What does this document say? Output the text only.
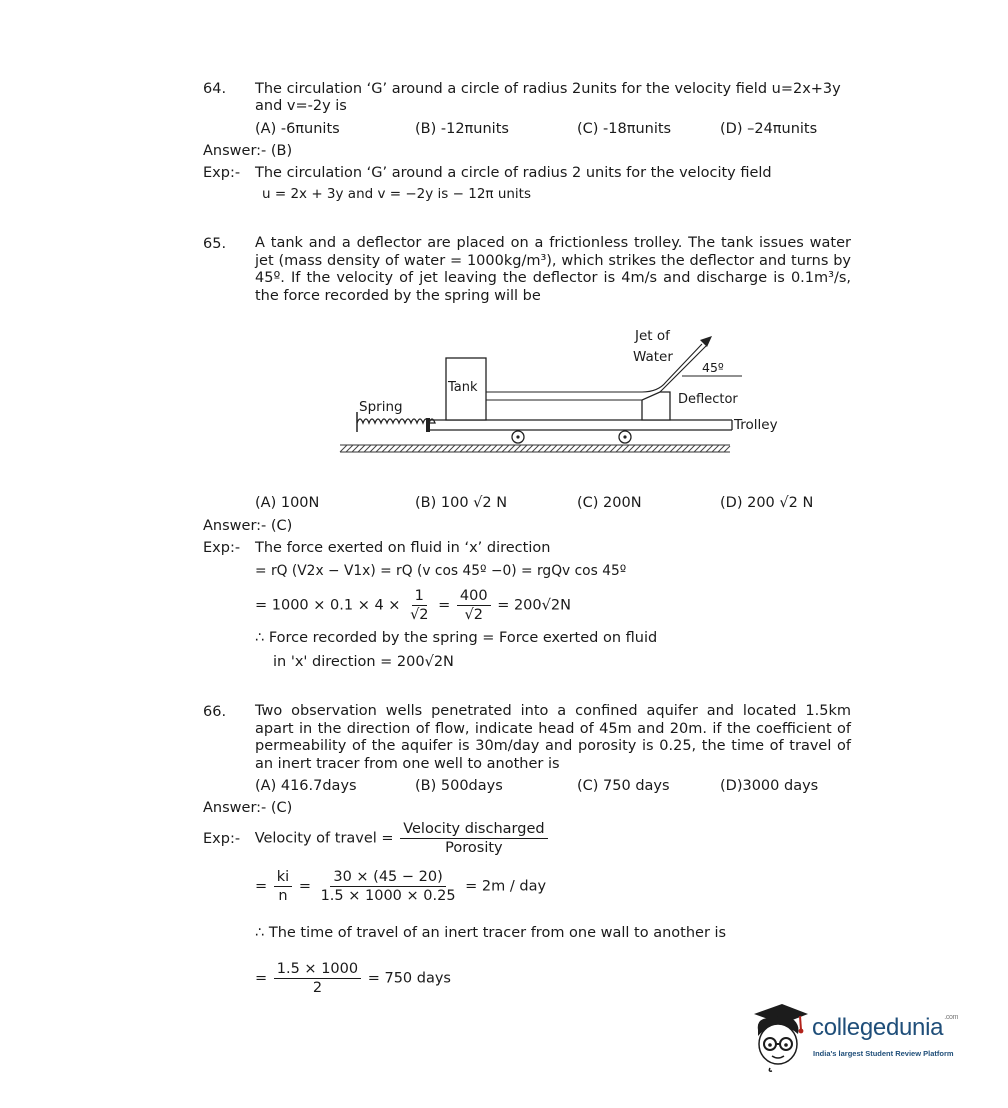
64. The circulation ‘G’ around a circle of radius 2units for the velocity field u=2x+3y
and v=-2y is
(A) -6πunits	(B) -12πunits	(C) -18πunits	(D) –24πunits
Answer:- (B)
Exp:- The circulation ‘G’ around a circle of radius 2 units for the velocity field
u = 2x + 3y and v = −2y is − 12π units
65. A tank and a deflector are placed on a frictionless trolley. The tank issues water jet (mass density of water = 1000kg/m³), which strikes the deflector and turns by 45º. If the velocity of jet leaving the deflector is 4m/s and discharge is 0.1m³/s, the force recorded by the spring will be
Jet of
Water
45º
Tank
Deflector
Spring
Trolley
(A) 100N	(B) 100 √2 N	(C) 200N	(D) 200 √2 N
Answer:- (C)
Exp:- The force exerted on fluid in ‘x’ direction
= rQ (V2x − V1x) = rQ (v cos 45º −0) = rgQv cos 45º
= $1000 \times 0.1 \times 4 \times \frac{1}{√2} = \frac{400}{√2} = 200√2N$
∴ Force recorded by the spring = Force exerted on fluid
in 'x' direction = 200√2N
66. Two observation wells penetrated into a confined aquifer and located 1.5km apart in the direction of flow, indicate head of 45m and 20m. if the coefficient of permeability of the aquifer is 30m/day and porosity is 0.25, the time of travel of an inert tracer from one well to another is
(A) 416.7days	(B) 500days	(C) 750 days	(D)3000 days
Answer:- (C)
Exp:- Velocity of travel = $\frac{\text{Velocity discharged}}{\text{Porosity}}$
= $\frac{ki}{n} = \frac{30 \times (45 - 20)}{1.5 \times 1000 \times 0.25} = 2m$ / day
∴ The time of travel of an inert tracer from one wall to another is
= $\frac{1.5 \times 1000}{2} = 750$ days
collegedunia$^{.com}$
India's largest Student Review Platform
